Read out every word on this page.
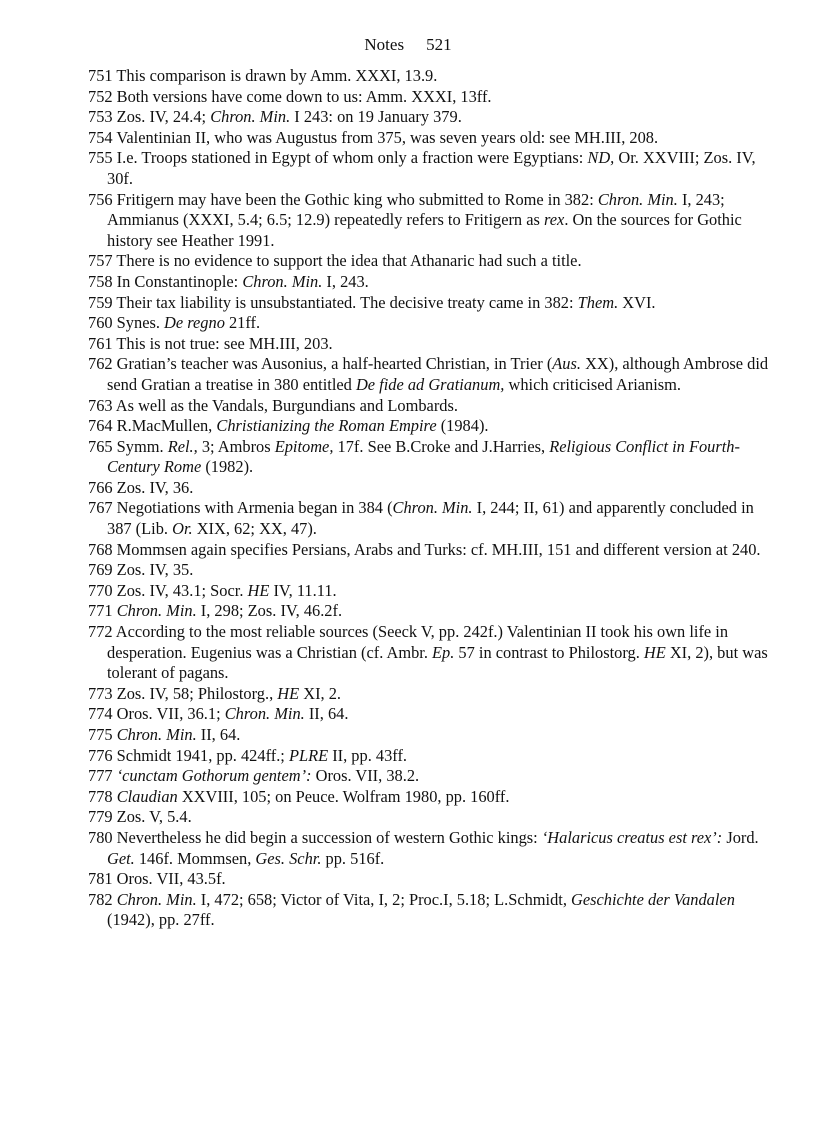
Notes 521
751 This comparison is drawn by Amm. XXXI, 13.9.
752 Both versions have come down to us: Amm. XXXI, 13ff.
753 Zos. IV, 24.4; Chron. Min. I 243: on 19 January 379.
754 Valentinian II, who was Augustus from 375, was seven years old: see MH.III, 208.
755 I.e. Troops stationed in Egypt of whom only a fraction were Egyptians: ND, Or. XXVIII; Zos. IV, 30f.
756 Fritigern may have been the Gothic king who submitted to Rome in 382: Chron. Min. I, 243; Ammianus (XXXI, 5.4; 6.5; 12.9) repeatedly refers to Fritigern as rex. On the sources for Gothic history see Heather 1991.
757 There is no evidence to support the idea that Athanaric had such a title.
758 In Constantinople: Chron. Min. I, 243.
759 Their tax liability is unsubstantiated. The decisive treaty came in 382: Them. XVI.
760 Synes. De regno 21ff.
761 This is not true: see MH.III, 203.
762 Gratian’s teacher was Ausonius, a half-hearted Christian, in Trier (Aus. XX), although Ambrose did send Gratian a treatise in 380 entitled De fide ad Gratianum, which criticised Arianism.
763 As well as the Vandals, Burgundians and Lombards.
764 R.MacMullen, Christianizing the Roman Empire (1984).
765 Symm. Rel., 3; Ambros Epitome, 17f. See B.Croke and J.Harries, Religious Conflict in Fourth-Century Rome (1982).
766 Zos. IV, 36.
767 Negotiations with Armenia began in 384 (Chron. Min. I, 244; II, 61) and apparently concluded in 387 (Lib. Or. XIX, 62; XX, 47).
768 Mommsen again specifies Persians, Arabs and Turks: cf. MH.III, 151 and different version at 240.
769 Zos. IV, 35.
770 Zos. IV, 43.1; Socr. HE IV, 11.11.
771 Chron. Min. I, 298; Zos. IV, 46.2f.
772 According to the most reliable sources (Seeck V, pp. 242f.) Valentinian II took his own life in desperation. Eugenius was a Christian (cf. Ambr. Ep. 57 in contrast to Philostorg. HE XI, 2), but was tolerant of pagans.
773 Zos. IV, 58; Philostorg., HE XI, 2.
774 Oros. VII, 36.1; Chron. Min. II, 64.
775 Chron. Min. II, 64.
776 Schmidt 1941, pp. 424ff.; PLRE II, pp. 43ff.
777 ‘cunctam Gothorum gentem’: Oros. VII, 38.2.
778 Claudian XXVIII, 105; on Peuce. Wolfram 1980, pp. 160ff.
779 Zos. V, 5.4.
780 Nevertheless he did begin a succession of western Gothic kings: ‘Halaricus creatus est rex’: Jord. Get. 146f. Mommsen, Ges. Schr. pp. 516f.
781 Oros. VII, 43.5f.
782 Chron. Min. I, 472; 658; Victor of Vita, I, 2; Proc.I, 5.18; L.Schmidt, Geschichte der Vandalen (1942), pp. 27ff.
